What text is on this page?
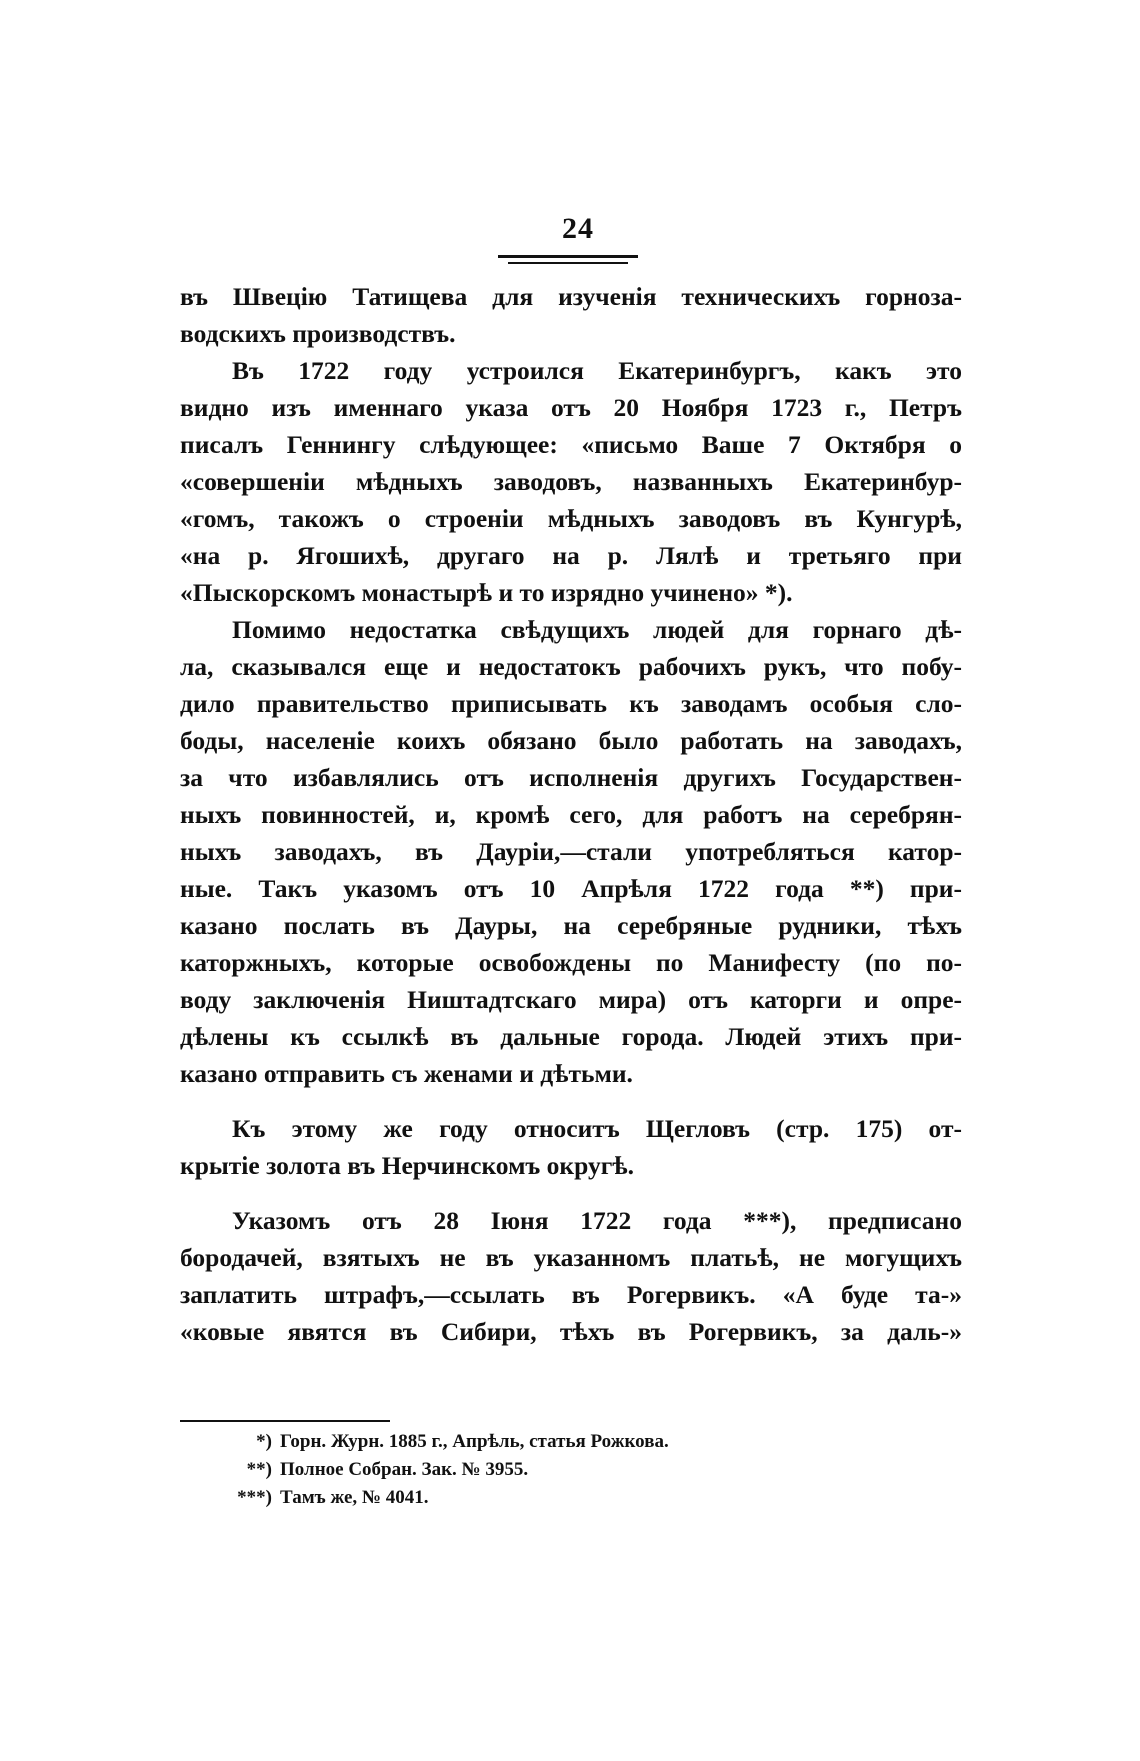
24
въ Швецію Татищева для изученія техническихъ горноза-
водскихъ производствъ.
Въ 1722 году устроился Екатеринбургъ, какъ это
видно изъ именнаго указа отъ 20 Ноября 1723 г., Петръ
писалъ Геннингу слѣдующее: «письмо Ваше 7 Октября о
«совершеніи мѣдныхъ заводовъ, названныхъ Екатеринбур-
«гомъ, такожъ о строеніи мѣдныхъ заводовъ въ Кунгурѣ,
«на р. Ягошихѣ, другаго на р. Лялѣ и третьяго при
«Пыскорскомъ монастырѣ и то изрядно учинено» *).
Помимо недостатка свѣдущихъ людей для горнаго дѣ-
ла, сказывался еще и недостатокъ рабочихъ рукъ, что побу-
дило правительство приписывать къ заводамъ особыя сло-
боды, населеніе коихъ обязано было работать на заводахъ,
за что избавлялись отъ исполненія другихъ Государствен-
ныхъ повинностей, и, кромѣ сего, для работъ на серебрян-
ныхъ заводахъ, въ Дауріи,—стали употребляться катор-
ные. Такъ указомъ отъ 10 Апрѣля 1722 года **) при-
казано послать въ Дауры, на серебряные рудники, тѣхъ
каторжныхъ, которые освобождены по Манифесту (по по-
воду заключенія Ништадтскаго мира) отъ каторги и опре-
дѣлены къ ссылкѣ въ дальные города. Людей этихъ при-
казано отправить съ женами и дѣтьми.
Къ этому же году относитъ Щегловъ (стр. 175) от-
крытіе золота въ Нерчинскомъ округѣ.
Указомъ отъ 28 Іюня 1722 года ***), предписано
бородачей, взятыхъ не въ указанномъ платьѣ, не могущихъ
заплатить штрафъ,—ссылать въ Рогервикъ. «А буде та-»
«ковые явятся въ Сибири, тѣхъ въ Рогервикъ, за даль-»
*) Горн. Журн. 1885 г., Апрѣль, статья Рожкова.
**) Полное Собран. Зак. № 3955.
***) Тамъ же, № 4041.
